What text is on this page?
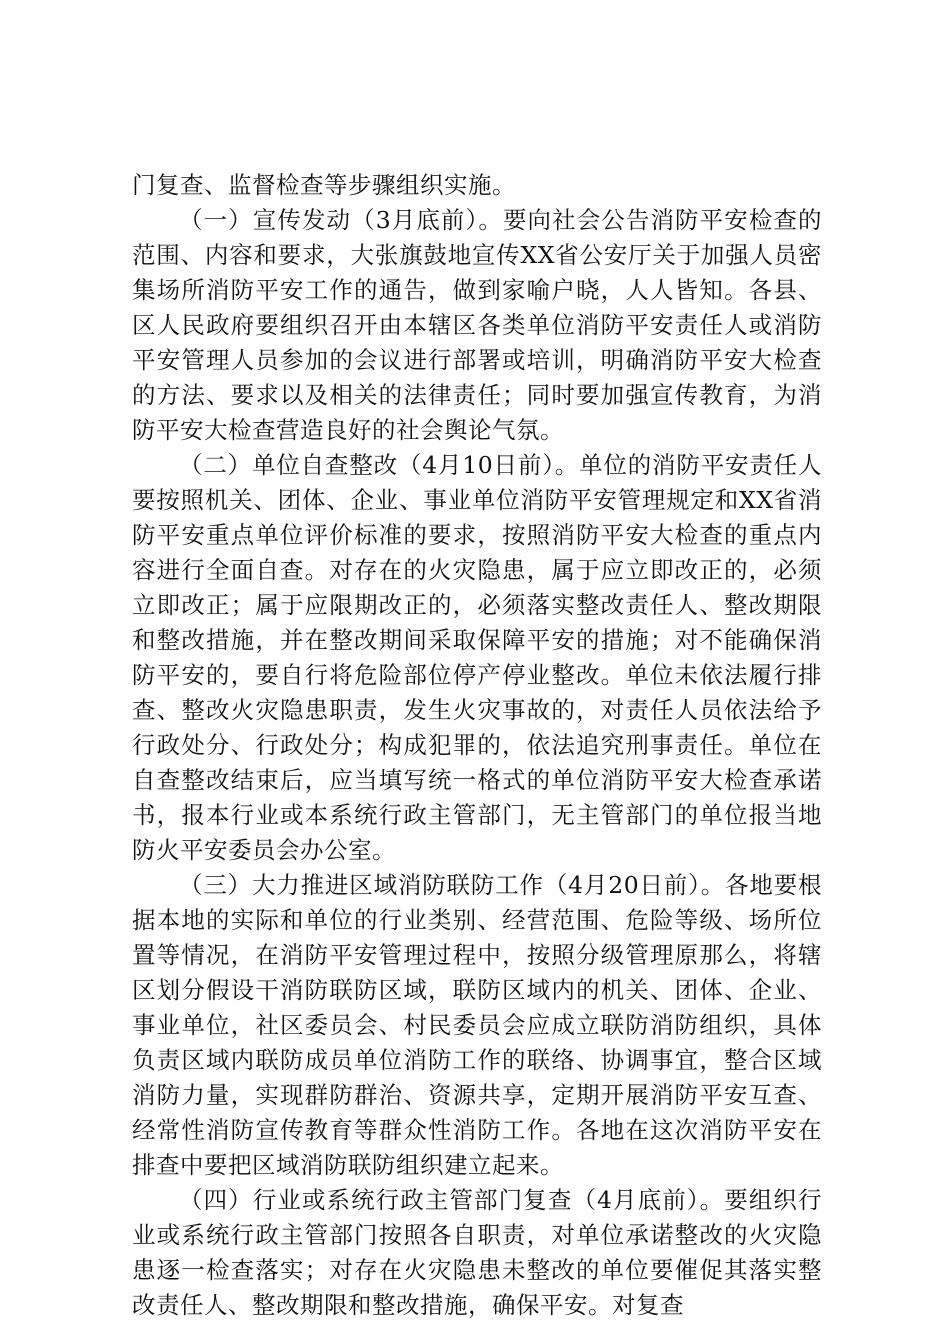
门复查、监督检查等步骤组织实施。

（一）宣传发动（3月底前）。要向社会公告消防平安检查的范围、内容和要求，大张旗鼓地宣传XX省公安厅关于加强人员密集场所消防平安工作的通告，做到家喻户晓，人人皆知。各县、区人民政府要组织召开由本辖区各类单位消防平安责任人或消防平安管理人员参加的会议进行部署或培训，明确消防平安大检查的方法、要求以及相关的法律责任；同时要加强宣传教育，为消防平安大检查营造良好的社会舆论气氛。

（二）单位自查整改（4月10日前）。单位的消防平安责任人要按照机关、团体、企业、事业单位消防平安管理规定和XX省消防平安重点单位评价标准的要求，按照消防平安大检查的重点内容进行全面自查。对存在的火灾隐患，属于应立即改正的，必须立即改正；属于应限期改正的，必须落实整改责任人、整改期限和整改措施，并在整改期间采取保障平安的措施；对不能确保消防平安的，要自行将危险部位停产停业整改。单位未依法履行排查、整改火灾隐患职责，发生火灾事故的，对责任人员依法给予行政处分、行政处分；构成犯罪的，依法追究刑事责任。单位在自查整改结束后，应当填写统一格式的单位消防平安大检查承诺书，报本行业或本系统行政主管部门，无主管部门的单位报当地防火平安委员会办公室。

（三）大力推进区域消防联防工作（4月20日前）。各地要根据本地的实际和单位的行业类别、经营范围、危险等级、场所位置等情况，在消防平安管理过程中，按照分级管理原那么，将辖区划分假设干消防联防区域，联防区域内的机关、团体、企业、事业单位，社区委员会、村民委员会应成立联防消防组织，具体负责区域内联防成员单位消防工作的联络、协调事宜，整合区域消防力量，实现群防群治、资源共享，定期开展消防平安互查、经常性消防宣传教育等群众性消防工作。各地在这次消防平安在排查中要把区域消防联防组织建立起来。

（四）行业或系统行政主管部门复查（4月底前）。要组织行业或系统行政主管部门按照各自职责，对单位承诺整改的火灾隐患逐一检查落实；对存在火灾隐患未整改的单位要催促其落实整改责任人、整改期限和整改措施，确保平安。对复查
